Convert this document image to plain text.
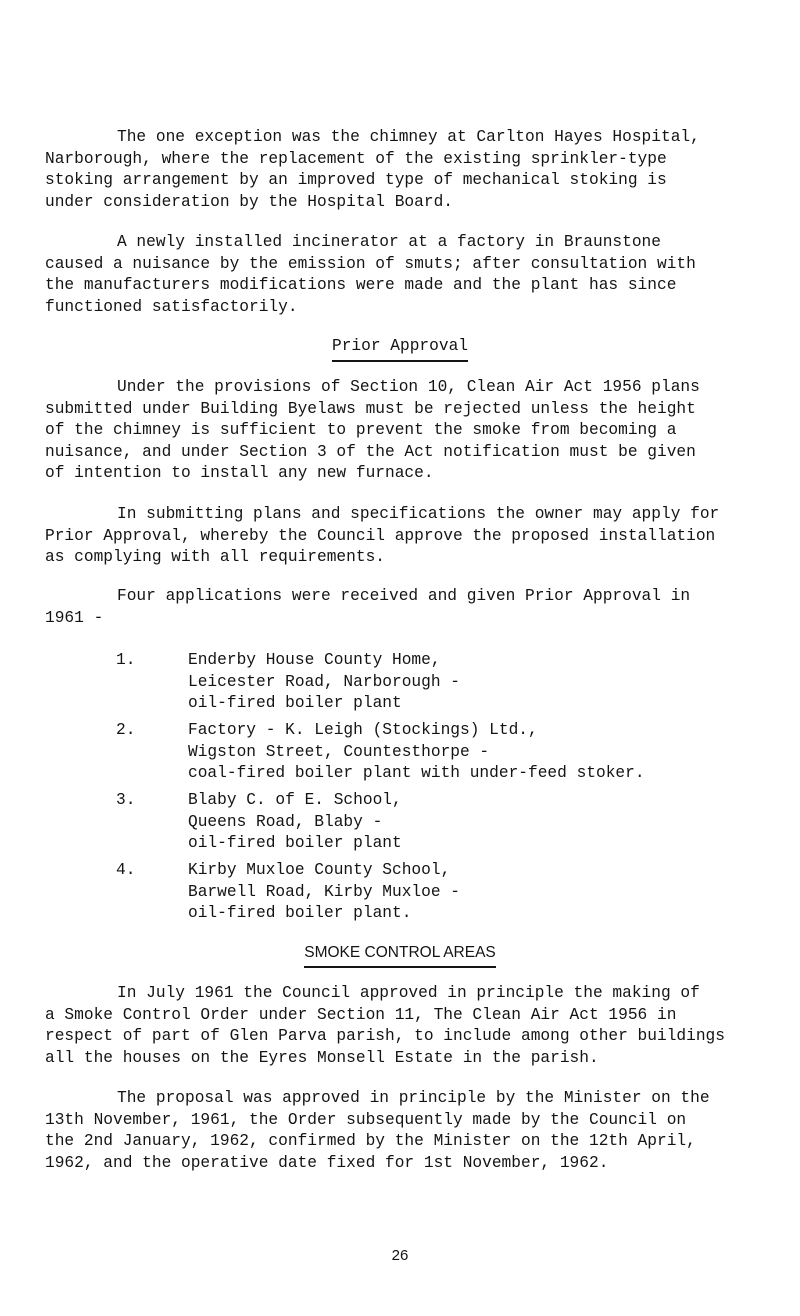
The one exception was the chimney at Carlton Hayes Hospital,
Narborough, where the replacement of the existing sprinkler-type
stoking arrangement by an improved type of mechanical stoking is
under consideration by the Hospital Board.
A newly installed incinerator at a factory in Braunstone
caused a nuisance by the emission of smuts; after consultation with
the manufacturers modifications were made and the plant has since
functioned satisfactorily.
Prior Approval
Under the provisions of Section 10, Clean Air Act 1956 plans
submitted under Building Byelaws must be rejected unless the height
of the chimney is sufficient to prevent the smoke from becoming a
nuisance, and under Section 3 of the Act notification must be given
of intention to install any new furnace.
In submitting plans and specifications the owner may apply for
Prior Approval, whereby the Council approve the proposed installation
as complying with all requirements.
Four applications were received and given Prior Approval in
1961 -
1.	Enderby House County Home,
Leicester Road, Narborough -
oil-fired boiler plant
2.	Factory - K. Leigh (Stockings) Ltd.,
Wigston Street, Countesthorpe -
coal-fired boiler plant with under-feed stoker.
3.	Blaby C. of E. School,
Queens Road, Blaby -
oil-fired boiler plant
4.	Kirby Muxloe County School,
Barwell Road, Kirby Muxloe -
oil-fired boiler plant.
SMOKE CONTROL AREAS
In July 1961 the Council approved in principle the making of
a Smoke Control Order under Section 11, The Clean Air Act 1956 in
respect of part of Glen Parva parish, to include among other buildings
all the houses on the Eyres Monsell Estate in the parish.
The proposal was approved in principle by the Minister on the
13th November, 1961, the Order subsequently made by the Council on
the 2nd January, 1962, confirmed by the Minister on the 12th April,
1962, and the operative date fixed for 1st November, 1962.
26
